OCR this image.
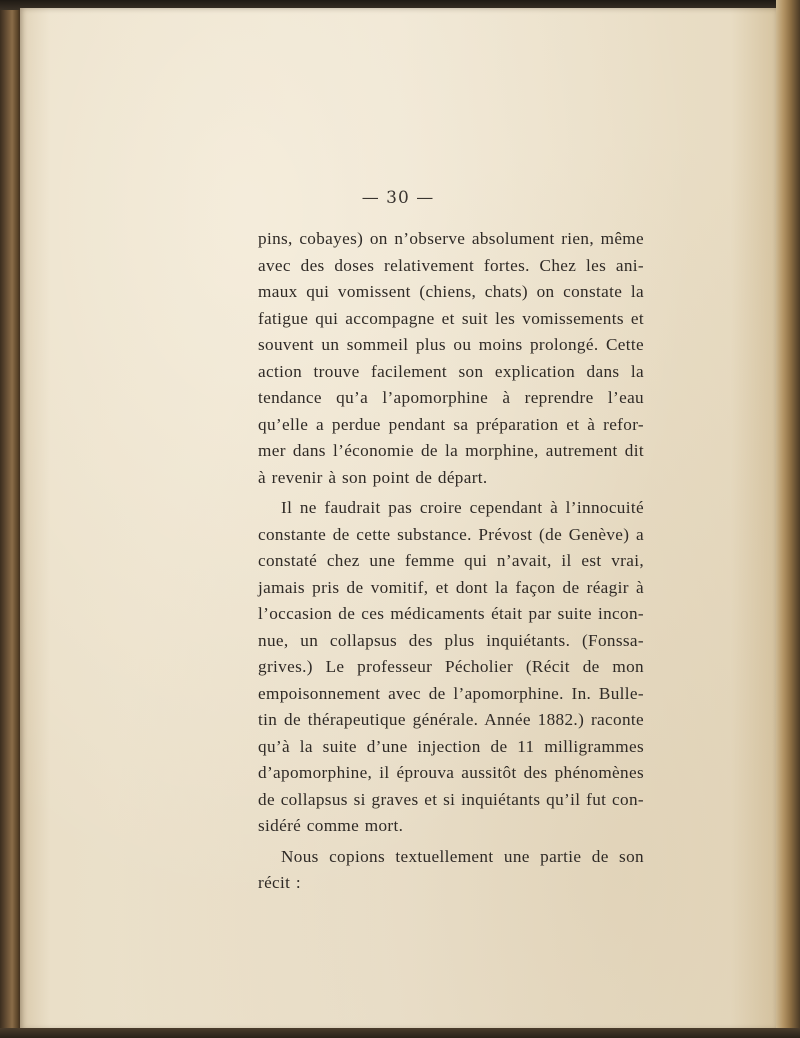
— 30 —
pins, cobayes) on n’observe absolument rien, même
avec des doses relativement fortes. Chez les ani-
maux qui vomissent (chiens, chats) on constate la
fatigue qui accompagne et suit les vomissements et
souvent un sommeil plus ou moins prolongé. Cette
action trouve facilement son explication dans la
tendance qu’a l’apomorphine à reprendre l’eau
qu’elle a perdue pendant sa préparation et à refor-
mer dans l’économie de la morphine, autrement dit
à revenir à son point de départ.
Il ne faudrait pas croire cependant à l’innocuité
constante de cette substance. Prévost (de Genève) a
constaté chez une femme qui n’avait, il est vrai,
jamais pris de vomitif, et dont la façon de réagir à
l’occasion de ces médicaments était par suite incon-
nue, un collapsus des plus inquiétants. (Fonssa-
grives.) Le professeur Pécholier (Récit de mon
empoisonnement avec de l’apomorphine. In. Bulle-
tin de thérapeutique générale. Année 1882.) raconte
qu’à la suite d’une injection de 11 milligrammes
d’apomorphine, il éprouva aussitôt des phénomènes
de collapsus si graves et si inquiétants qu’il fut con-
sidéré comme mort.
Nous copions textuellement une partie de son
récit :
